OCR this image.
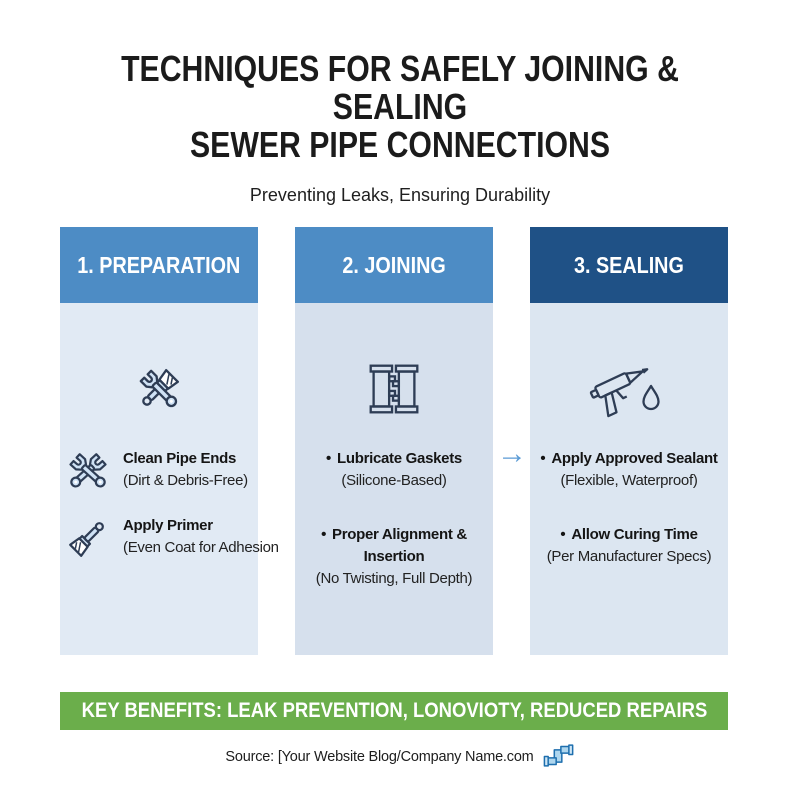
TECHNIQUES FOR SAFELY JOINING & SEALING
SEWER PIPE CONNECTIONS

Preventing Leaks, Ensuring Durability

1. PREPARATION
Clean Pipe Ends
(Dirt & Debris-Free)
Apply Primer
(Even Coat for Adhesion
2. JOINING
• Lubricate Gaskets
(Silicone-Based)
• Proper Alignment & Insertion
(No Twisting, Full Depth)
3. SEALING
• Apply Approved Sealant
(Flexible, Waterproof)
• Allow Curing Time
(Per Manufacturer Specs)
→
KEY BENEFITS: LEAK PREVENTION, LONOVIOTY, REDUCED REPAIRS
Source: [Your Website Blog/Company Name.com
